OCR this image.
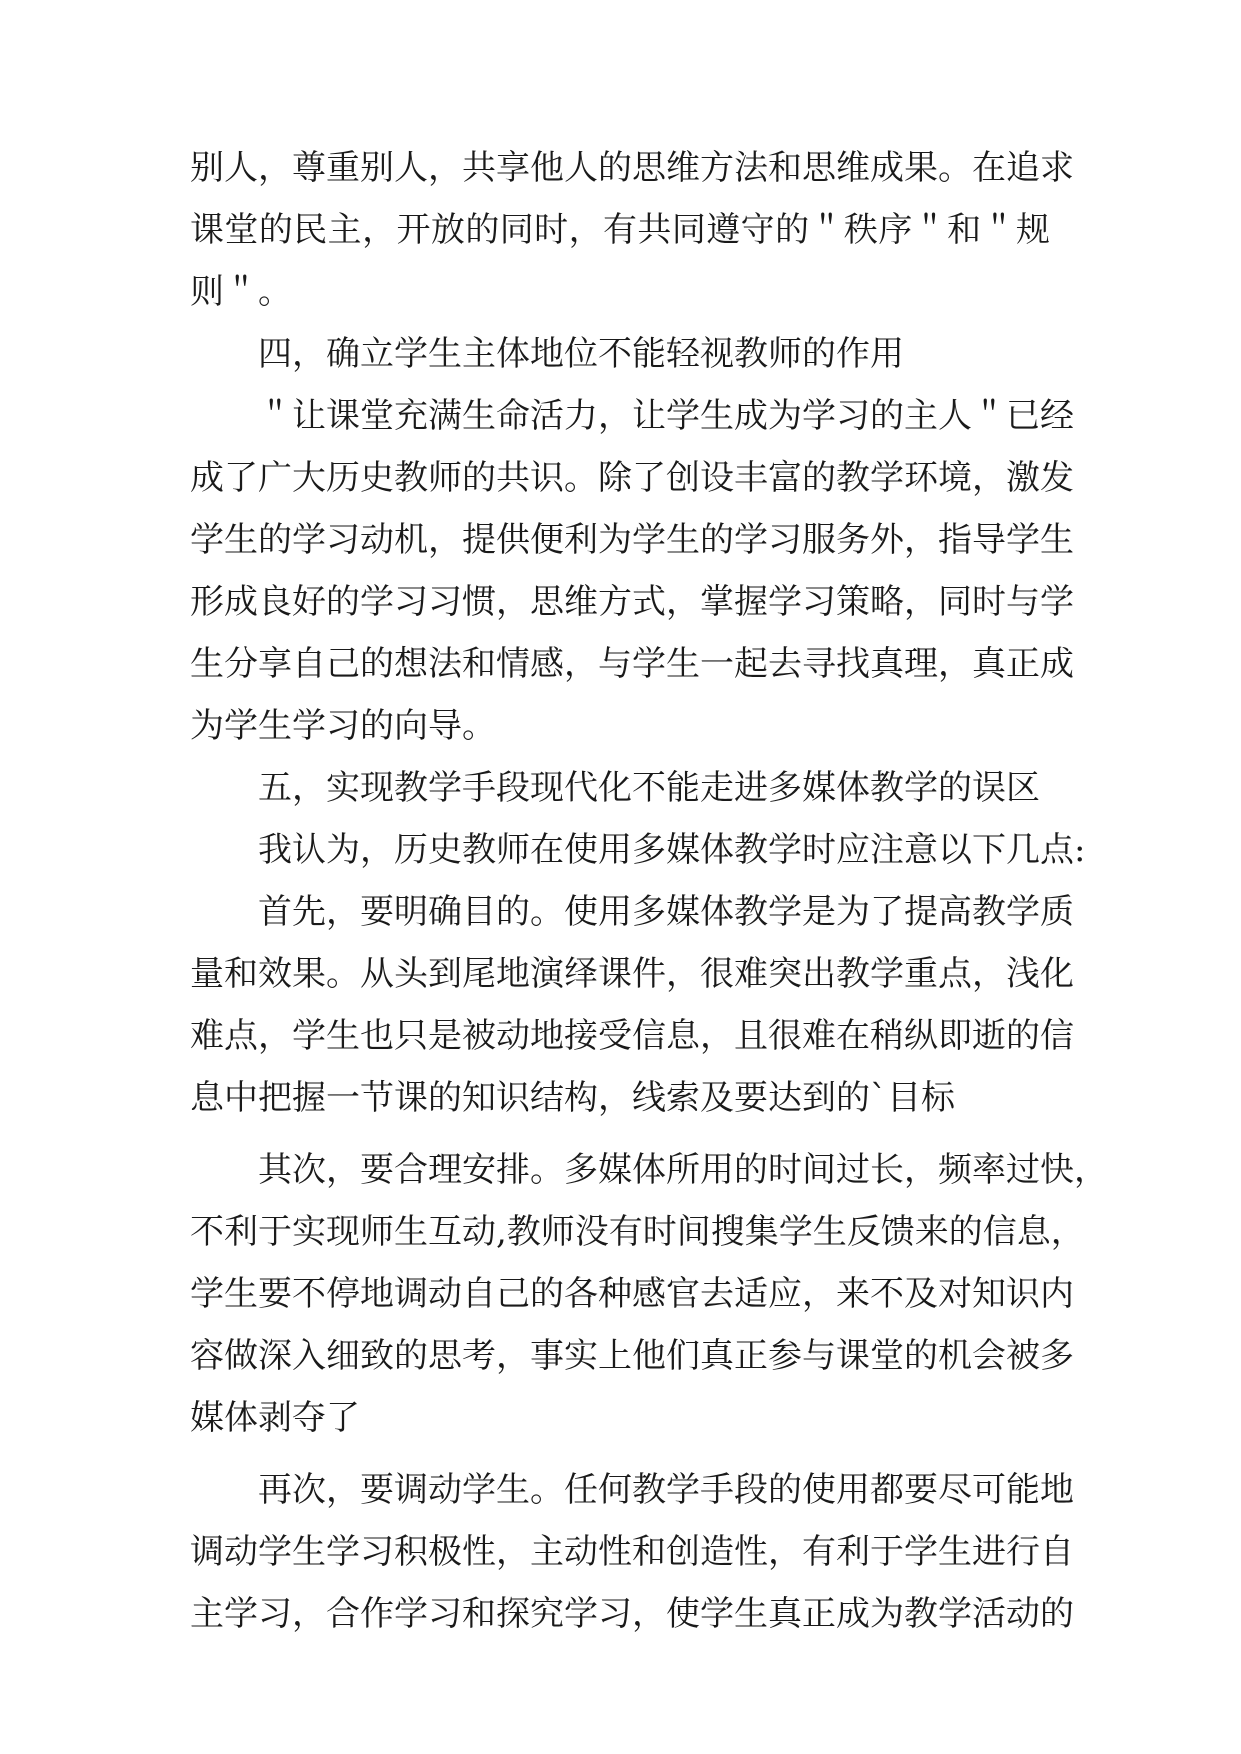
别人，尊重别人，共享他人的思维方法和思维成果。在追求
课堂的民主，开放的同时，有共同遵守的＂秩序＂和＂规
则＂。
四，确立学生主体地位不能轻视教师的作用
＂让课堂充满生命活力，让学生成为学习的主人＂已经
成了广大历史教师的共识。除了创设丰富的教学环境，激发
学生的学习动机，提供便利为学生的学习服务外，指导学生
形成良好的学习习惯，思维方式，掌握学习策略，同时与学
生分享自己的想法和情感，与学生一起去寻找真理，真正成
为学生学习的向导。
五，实现教学手段现代化不能走进多媒体教学的误区
我认为，历史教师在使用多媒体教学时应注意以下几点:
首先，要明确目的。使用多媒体教学是为了提高教学质
量和效果。从头到尾地演绎课件，很难突出教学重点，浅化
难点，学生也只是被动地接受信息，且很难在稍纵即逝的信
息中把握一节课的知识结构，线索及要达到的`目标
其次，要合理安排。多媒体所用的时间过长，频率过快，
不利于实现师生互动,教师没有时间搜集学生反馈来的信息，
学生要不停地调动自己的各种感官去适应，来不及对知识内
容做深入细致的思考，事实上他们真正参与课堂的机会被多
媒体剥夺了
再次，要调动学生。任何教学手段的使用都要尽可能地
调动学生学习积极性，主动性和创造性，有利于学生进行自
主学习，合作学习和探究学习，使学生真正成为教学活动的
